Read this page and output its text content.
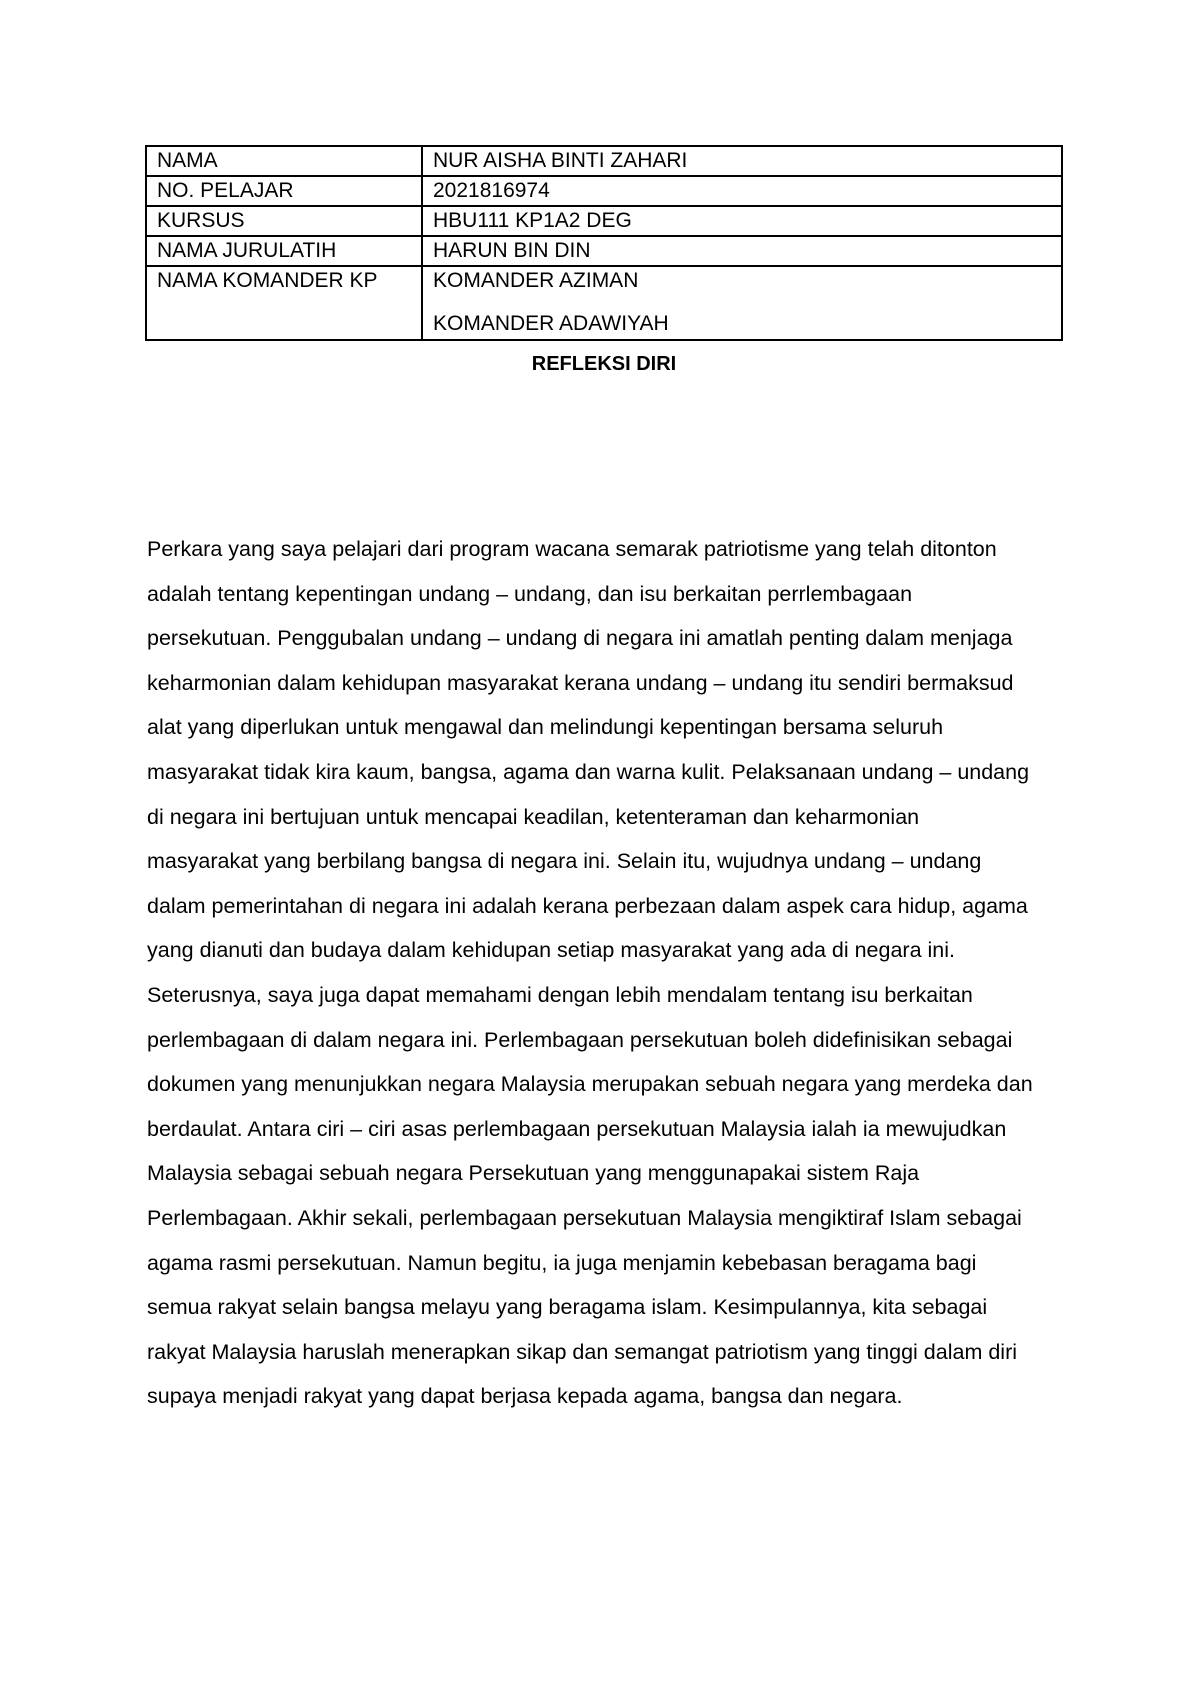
NAMA	NUR AISHA BINTI ZAHARI
NO. PELAJAR	2021816974
KURSUS	HBU111 KP1A2 DEG
NAMA JURULATIH	HARUN BIN DIN
NAMA KOMANDER KP	KOMANDER AZIMAN
KOMANDER ADAWIYAH
REFLEKSI DIRI

Perkara yang saya pelajari dari program wacana semarak patriotisme yang telah ditonton
adalah tentang kepentingan undang – undang, dan isu berkaitan perrlembagaan
persekutuan. Penggubalan undang – undang di negara ini amatlah penting dalam menjaga
keharmonian dalam kehidupan masyarakat kerana undang – undang itu sendiri bermaksud
alat yang diperlukan untuk mengawal dan melindungi kepentingan bersama seluruh
masyarakat tidak kira kaum, bangsa, agama dan warna kulit. Pelaksanaan undang – undang
di negara ini bertujuan untuk mencapai keadilan, ketenteraman dan keharmonian
masyarakat yang berbilang bangsa di negara ini. Selain itu, wujudnya undang – undang
dalam pemerintahan di negara ini adalah kerana perbezaan dalam aspek cara hidup, agama
yang dianuti dan budaya dalam kehidupan setiap masyarakat yang ada di negara ini.
Seterusnya, saya juga dapat memahami dengan lebih mendalam tentang isu berkaitan
perlembagaan di dalam negara ini. Perlembagaan persekutuan boleh didefinisikan sebagai
dokumen yang menunjukkan negara Malaysia merupakan sebuah negara yang merdeka dan
berdaulat. Antara ciri – ciri asas perlembagaan persekutuan Malaysia ialah ia mewujudkan
Malaysia sebagai sebuah negara Persekutuan yang menggunapakai sistem Raja
Perlembagaan. Akhir sekali, perlembagaan persekutuan Malaysia mengiktiraf Islam sebagai
agama rasmi persekutuan. Namun begitu, ia juga menjamin kebebasan beragama bagi
semua rakyat selain bangsa melayu yang beragama islam. Kesimpulannya, kita sebagai
rakyat Malaysia haruslah menerapkan sikap dan semangat patriotism yang tinggi dalam diri
supaya menjadi rakyat yang dapat berjasa kepada agama, bangsa dan negara.
